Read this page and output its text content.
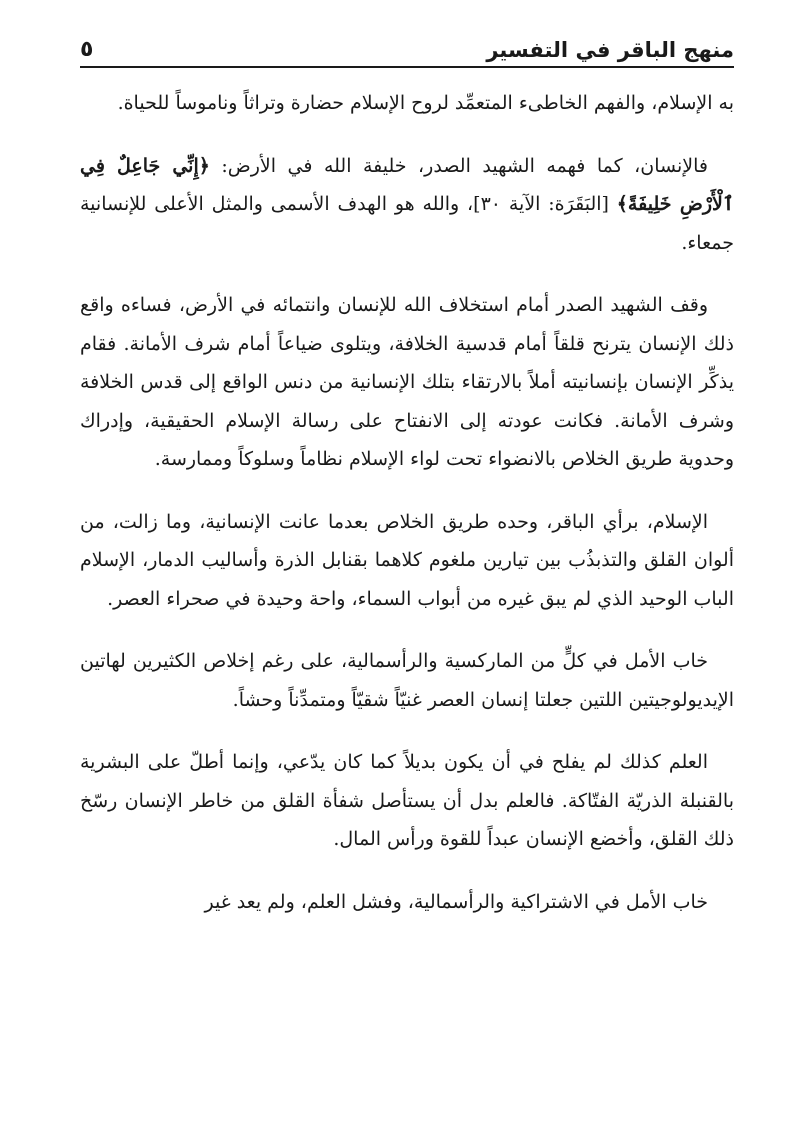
منهج الباقر في التفسير
٥

به الإسلام، والفهم الخاطىء المتعمِّد لروح الإسلام حضارة وتراثاً وناموساً للحياة.

فالإنسان، كما فهمه الشهيد الصدر، خليفة الله في الأرض: ﴿إِنِّي جَاعِلٌ فِي ٱلْأَرْضِ خَلِيفَةً﴾ [البَقَرَة: الآية ٣٠]، والله هو الهدف الأسمى والمثل الأعلى للإنسانية جمعاء.

وقف الشهيد الصدر أمام استخلاف الله للإنسان وانتمائه في الأرض، فساءه واقع ذلك الإنسان يترنح قلقاً أمام قدسية الخلافة، ويتلوى ضياعاً أمام شرف الأمانة. فقام يذكِّر الإنسان بإنسانيته أملاً بالارتقاء بتلك الإنسانية من دنس الواقع إلى قدس الخلافة وشرف الأمانة. فكانت عودته إلى الانفتاح على رسالة الإسلام الحقيقية، وإدراك وحدوية طريق الخلاص بالانضواء تحت لواء الإسلام نظاماً وسلوكاً وممارسة.

الإسلام، برأي الباقر، وحده طريق الخلاص بعدما عانت الإنسانية، وما زالت، من ألوان القلق والتذبذُب بين تيارين ملغوم كلاهما بقنابل الذرة وأساليب الدمار، الإسلام الباب الوحيد الذي لم يبق غيره من أبواب السماء، واحة وحيدة في صحراء العصر.

خاب الأمل في كلٍّ من الماركسية والرأسمالية، على رغم إخلاص الكثيرين لهاتين الإيديولوجيتين اللتين جعلتا إنسان العصر غنيّاً شقيّاً ومتمدِّناً وحشاً.

العلم كذلك لم يفلح في أن يكون بديلاً كما كان يدّعي، وإنما أطلّ على البشرية بالقنبلة الذريّة الفتّاكة. فالعلم بدل أن يستأصل شفأة القلق من خاطر الإنسان رسّخ ذلك القلق، وأخضع الإنسان عبداً للقوة ورأس المال.

خاب الأمل في الاشتراكية والرأسمالية، وفشل العلم، ولم يعد غير
